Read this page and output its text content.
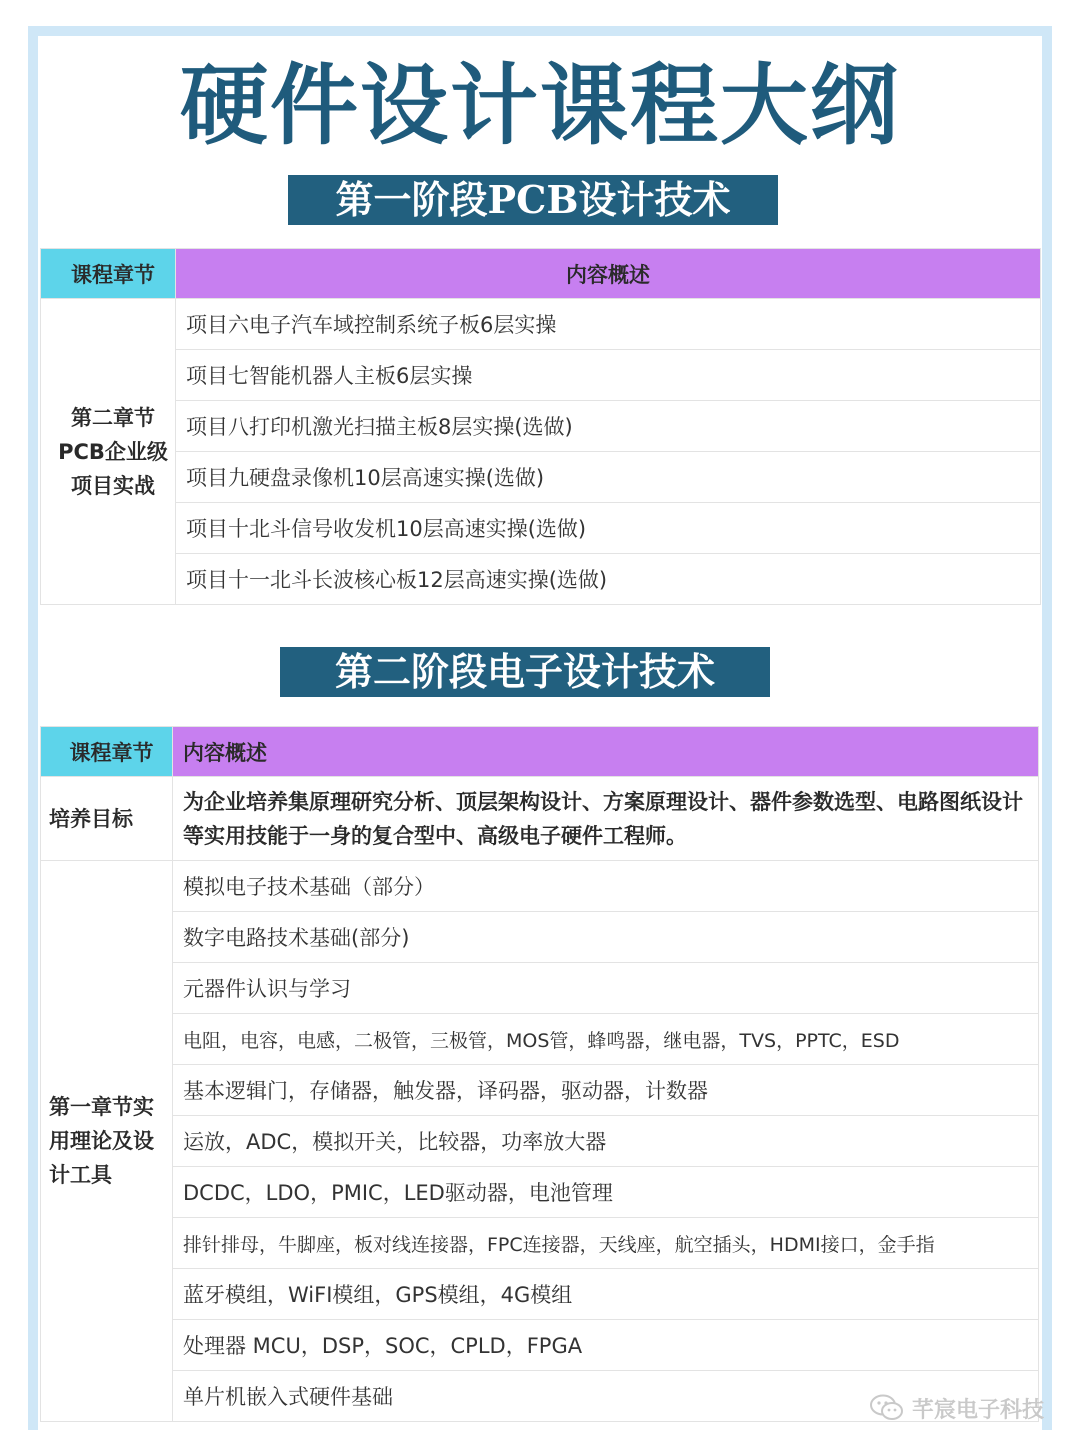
硬件设计课程大纲
第一阶段PCB设计技术
课程章节	内容概述
第二章节PCB企业级项目实战	项目六电子汽车域控制系统子板6层实操
	项目七智能机器人主板6层实操
	项目八打印机激光扫描主板8层实操(选做)
	项目九硬盘录像机10层高速实操(选做)
	项目十北斗信号收发机10层高速实操(选做)
	项目十一北斗长波核心板12层高速实操(选做)
第二阶段电子设计技术
课程章节	内容概述
培养目标	为企业培养集原理研究分析、顶层架构设计、方案原理设计、器件参数选型、电路图纸设计等实用技能于一身的复合型中、高级电子硬件工程师。
第一章节实用理论及设计工具	模拟电子技术基础（部分）
	数字电路技术基础(部分)
	元器件认识与学习
	电阻，电容，电感，二极管，三极管，MOS管，蜂鸣器，继电器，TVS，PPTC，ESD
	基本逻辑门，存储器，触发器，译码器，驱动器，计数器
	运放，ADC，模拟开关，比较器，功率放大器
	DCDC，LDO，PMIC，LED驱动器，电池管理
	排针排母，牛脚座，板对线连接器，FPC连接器，天线座，航空插头，HDMI接口，金手指
	蓝牙模组，WiFI模组，GPS模组，4G模组
	处理器 MCU，DSP，SOC，CPLD，FPGA
	单片机嵌入式硬件基础
芊宸电子科技
